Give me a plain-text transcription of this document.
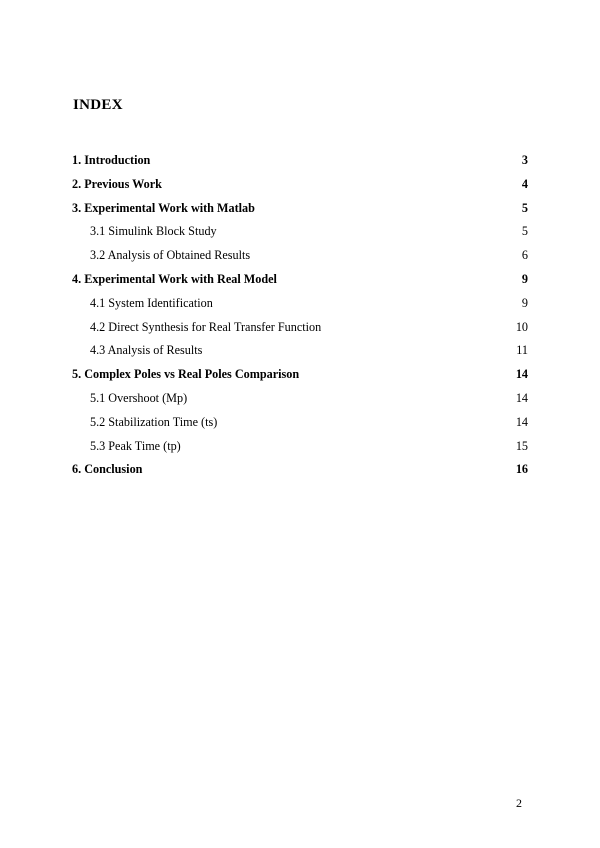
INDEX
1. Introduction	3
2. Previous Work	4
3. Experimental Work with Matlab	5
3.1 Simulink Block Study	5
3.2 Analysis of Obtained Results	6
4. Experimental Work with Real Model	9
4.1 System Identification	9
4.2 Direct Synthesis for Real Transfer Function	10
4.3 Analysis of Results	11
5. Complex Poles vs Real Poles Comparison	14
5.1 Overshoot (Mp)	14
5.2 Stabilization Time (ts)	14
5.3 Peak Time (tp)	15
6. Conclusion	16
2
